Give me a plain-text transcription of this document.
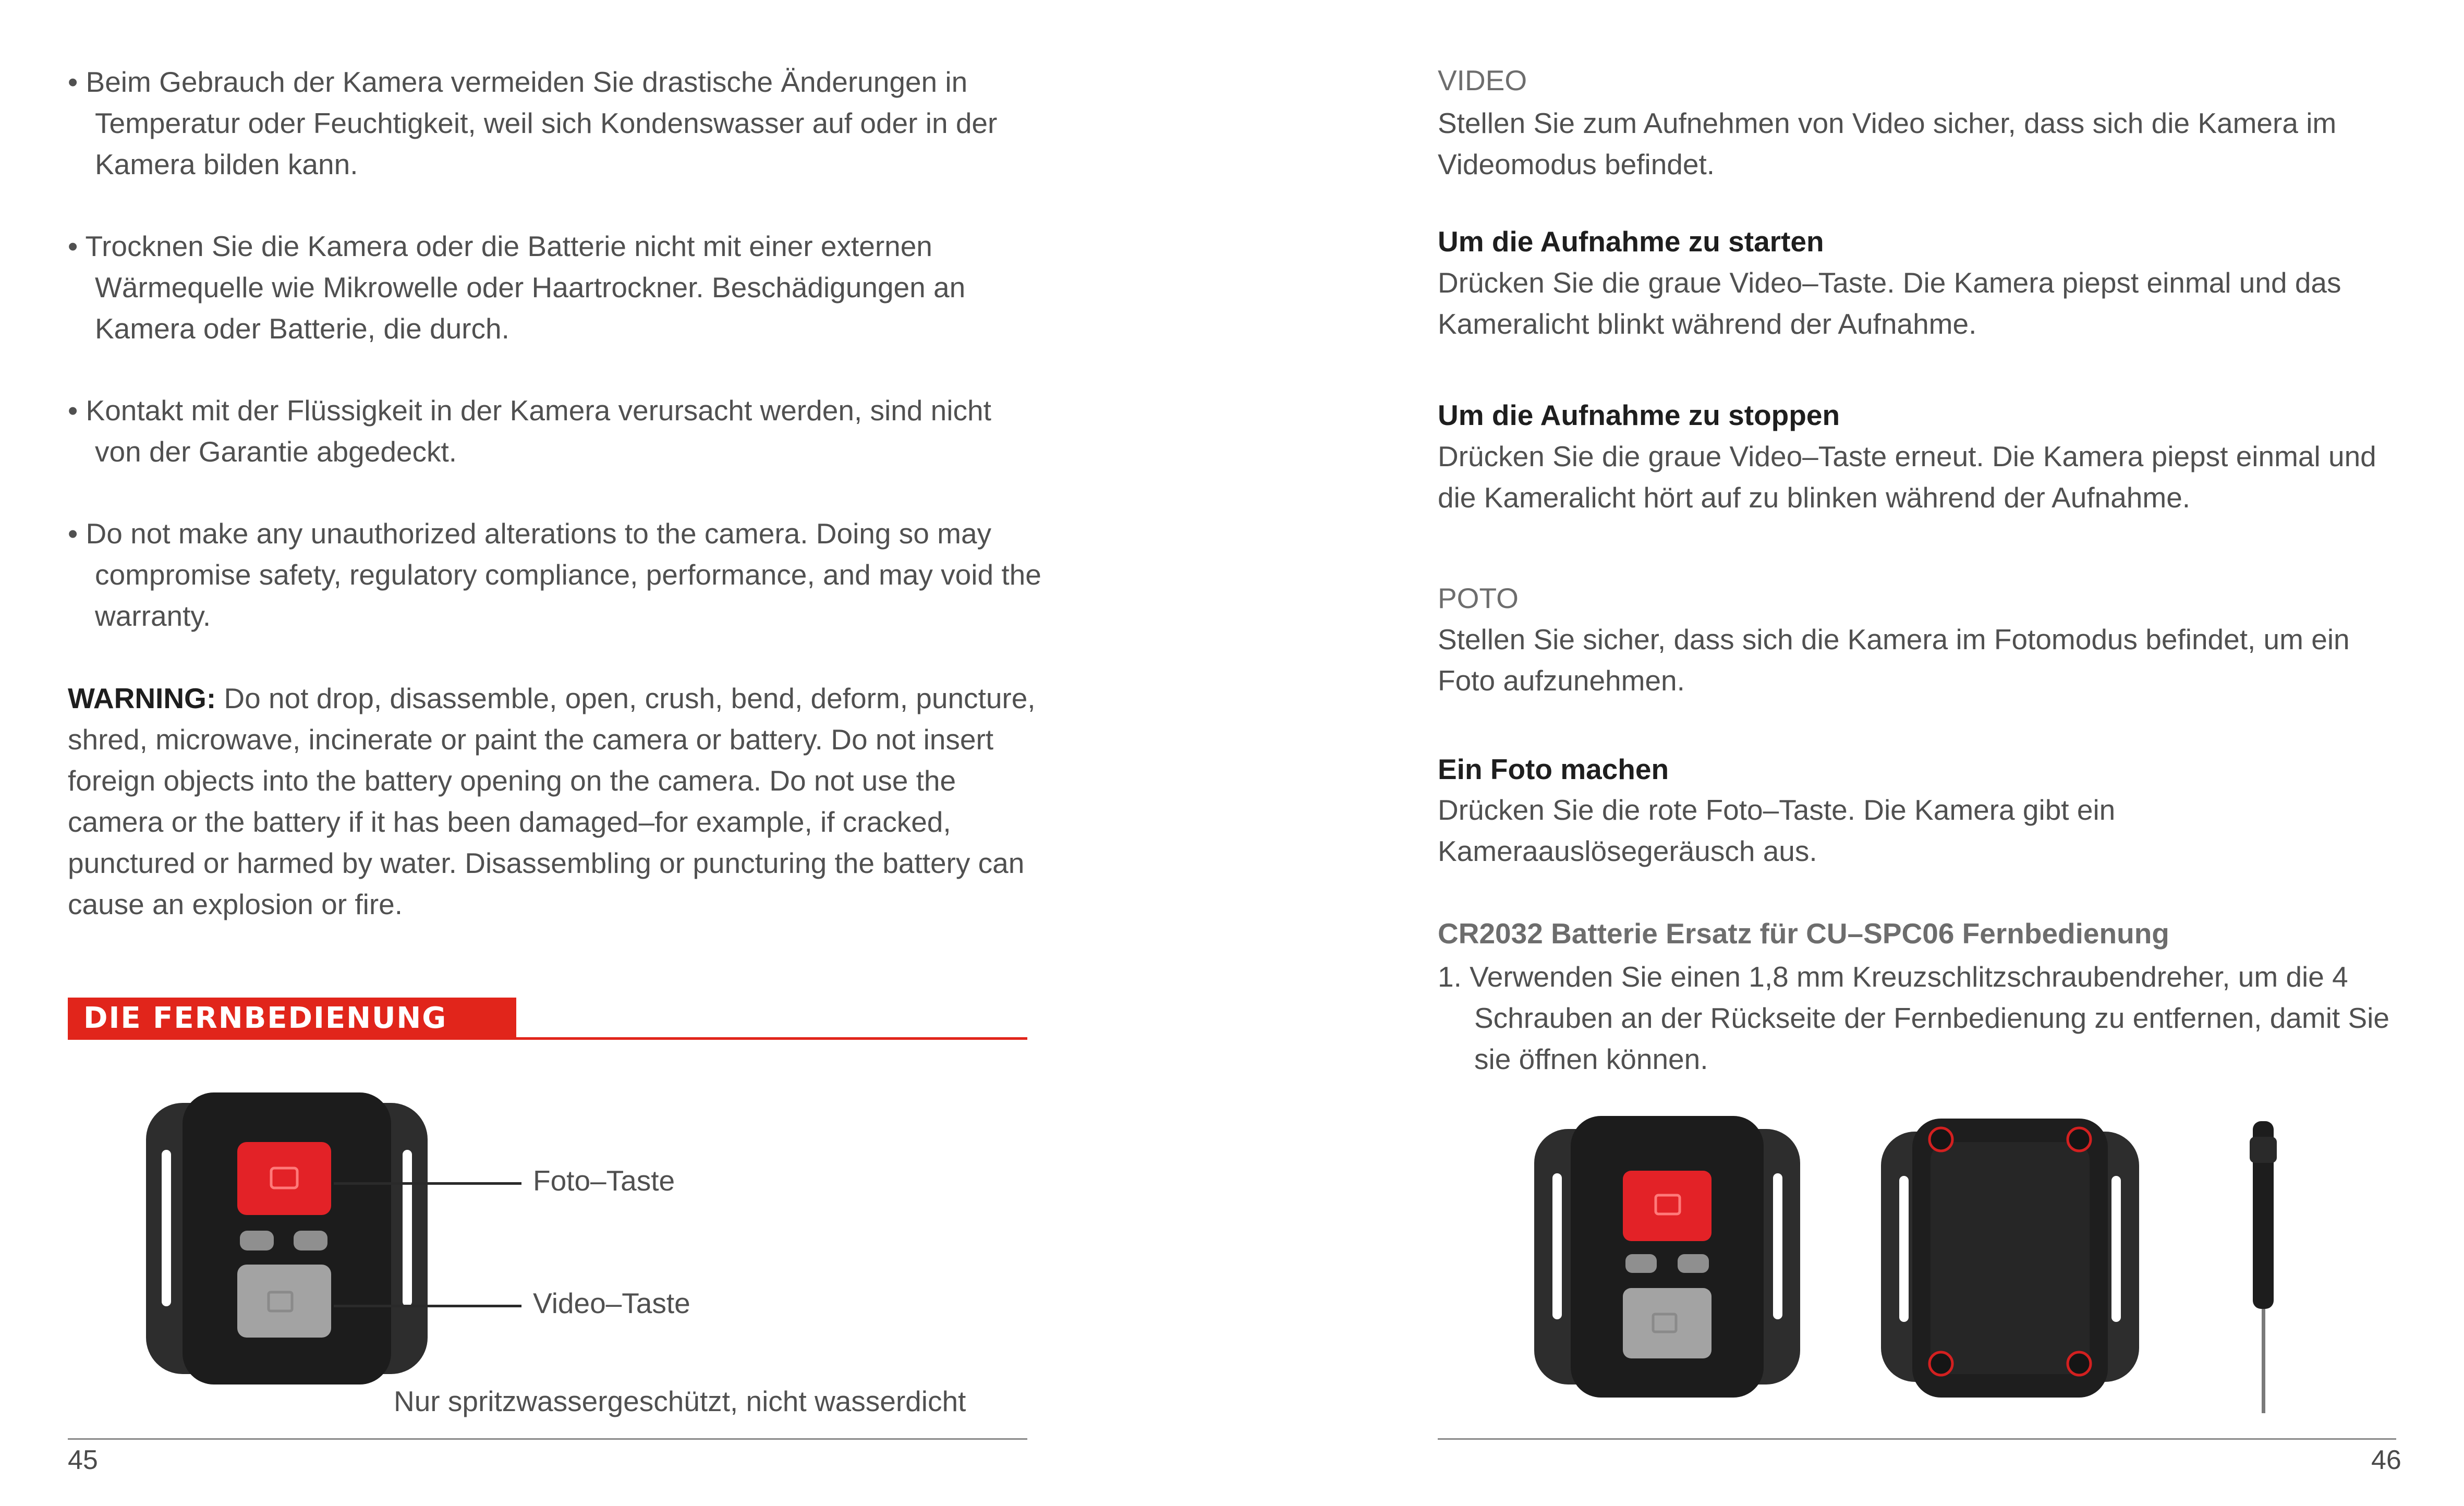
• Beim Gebrauch der Kamera vermeiden Sie drastische Änderungen in Temperatur oder Feuchtigkeit, weil sich Kondenswasser auf oder in der Kamera bilden kann.

• Trocknen Sie die Kamera oder die Batterie nicht mit einer externen Wärmequelle wie Mikrowelle oder Haartrockner. Beschädigungen an Kamera oder Batterie, die durch.

• Kontakt mit der Flüssigkeit in der Kamera verursacht werden, sind nicht von der Garantie abgedeckt.

• Do not make any unauthorized alterations to the camera. Doing so may compromise safety, regulatory compliance, performance, and may void the warranty.

WARNING: Do not drop, disassemble, open, crush, bend, deform, puncture, shred, microwave, incinerate or paint the camera or battery. Do not insert foreign objects into the battery opening on the camera. Do not use the camera or the battery if it has been damaged–for example, if cracked, punctured or harmed by water. Disassembling or puncturing the battery can cause an explosion or fire.

DIE FERNBEDIENUNG
Foto–Taste
Video–Taste
Nur spritzwassergeschützt, nicht wasserdicht
45

VIDEO

Stellen Sie zum Aufnehmen von Video sicher, dass sich die Kamera im Videomodus befindet.

Um die Aufnahme zu starten

Drücken Sie die graue Video–Taste. Die Kamera piepst einmal und das Kameralicht blinkt während der Aufnahme.

Um die Aufnahme zu stoppen

Drücken Sie die graue Video–Taste erneut. Die Kamera piepst einmal und die Kameralicht hört auf zu blinken während der Aufnahme.

POTO

Stellen Sie sicher, dass sich die Kamera im Fotomodus befindet, um ein Foto aufzunehmen.

Ein Foto machen

Drücken Sie die rote Foto–Taste. Die Kamera gibt ein Kameraauslösegeräusch aus.

CR2032 Batterie Ersatz für CU–SPC06 Fernbedienung

1. Verwenden Sie einen 1,8 mm Kreuzschlitzschraubendreher, um die 4 Schrauben an der Rückseite der Fernbedienung zu entfernen, damit Sie sie öffnen können.

46
